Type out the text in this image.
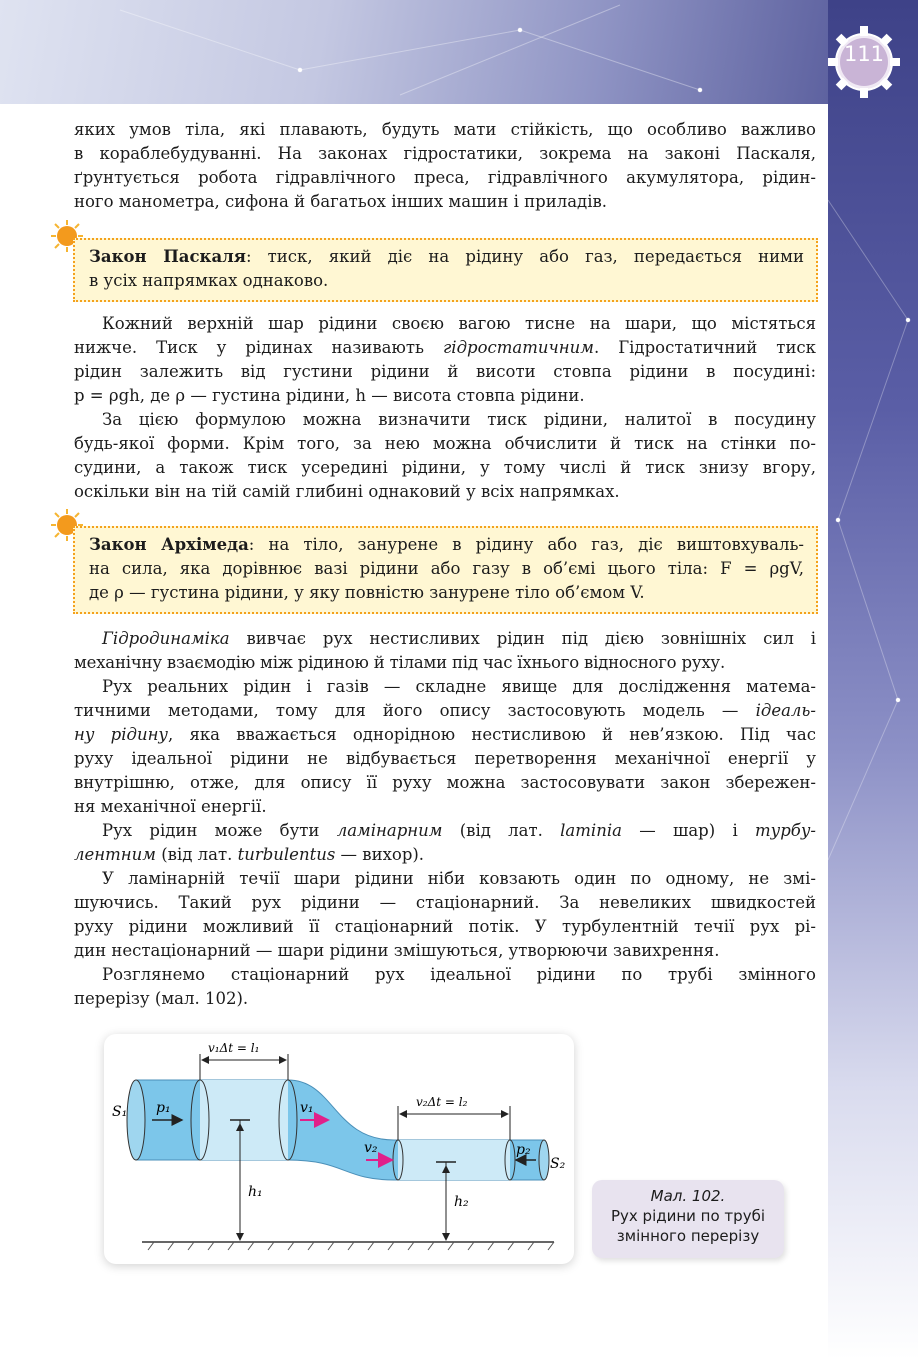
111
яких умов тіла, які плавають, будуть мати стійкість, що особливо важливо
в кораблебудуванні. На законах гідростатики, зокрема на законі Паскаля,
ґрунтується робота гідравлічного преса, гідравлічного акумулятора, рідин-
ного манометра, сифона й багатьох інших машин і приладів.
Закон Паскаля: тиск, який діє на рідину або газ, передається ними
в усіх напрямках однаково.
Кожний верхній шар рідини своєю вагою тисне на шари, що містяться
нижче. Тиск у рідинах називають гідростатичним. Гідростатичний тиск
рідин залежить від густини рідини й висоти стовпа рідини в посудині:
p = ρgh, де ρ — густина рідини, h — висота стовпа рідини.
За цією формулою можна визначити тиск рідини, налитої в посудину
будь-якої форми. Крім того, за нею можна обчислити й тиск на стінки по-
судини, а також тиск усередині рідини, у тому числі й тиск знизу вгору,
оскільки він на тій самій глибині однаковий у всіх напрямках.
Закон Архімеда: на тіло, занурене в рідину або газ, діє виштовхуваль-
на сила, яка дорівнює вазі рідини або газу в об’ємі цього тіла: F = ρgV,
де ρ — густина рідини, у яку повністю занурене тіло об’ємом V.
Гідродинаміка вивчає рух нестисливих рідин під дією зовнішніх сил і
механічну взаємодію між рідиною й тілами під час їхнього відносного руху.
Рух реальних рідин і газів — складне явище для дослідження матема-
тичними методами, тому для його опису застосовують модель — ідеаль-
ну рідину, яка вважається однорідною нестисливою й нев’язкою. Під час
руху ідеальної рідини не відбувається перетворення механічної енергії у
внутрішню, отже, для опису її руху можна застосовувати закон збережен-
ня механічної енергії.
Рух рідин може бути ламінарним (від лат. laminia — шар) і турбу-
лентним (від лат. turbulentus — вихор).
У ламінарній течії шари рідини ніби ковзають один по одному, не змі-
шуючись. Такий рух рідини — стаціонарний. За невеликих швидкостей
руху рідини можливий її стаціонарний потік. У турбулентній течії рух рі-
дин нестаціонарний — шари рідини змішуються, утворюючи завихрення.
Розглянемо стаціонарний рух ідеальної рідини по трубі змінного
перерізу (мал. 102).
v₁Δt = l₁
v₂Δt = l₂
S₁
S₂
p₁
p₂
v₁
v₂
h₁
h₂	Мал. 102.
Рух рідини по трубі
змінного перерізу
